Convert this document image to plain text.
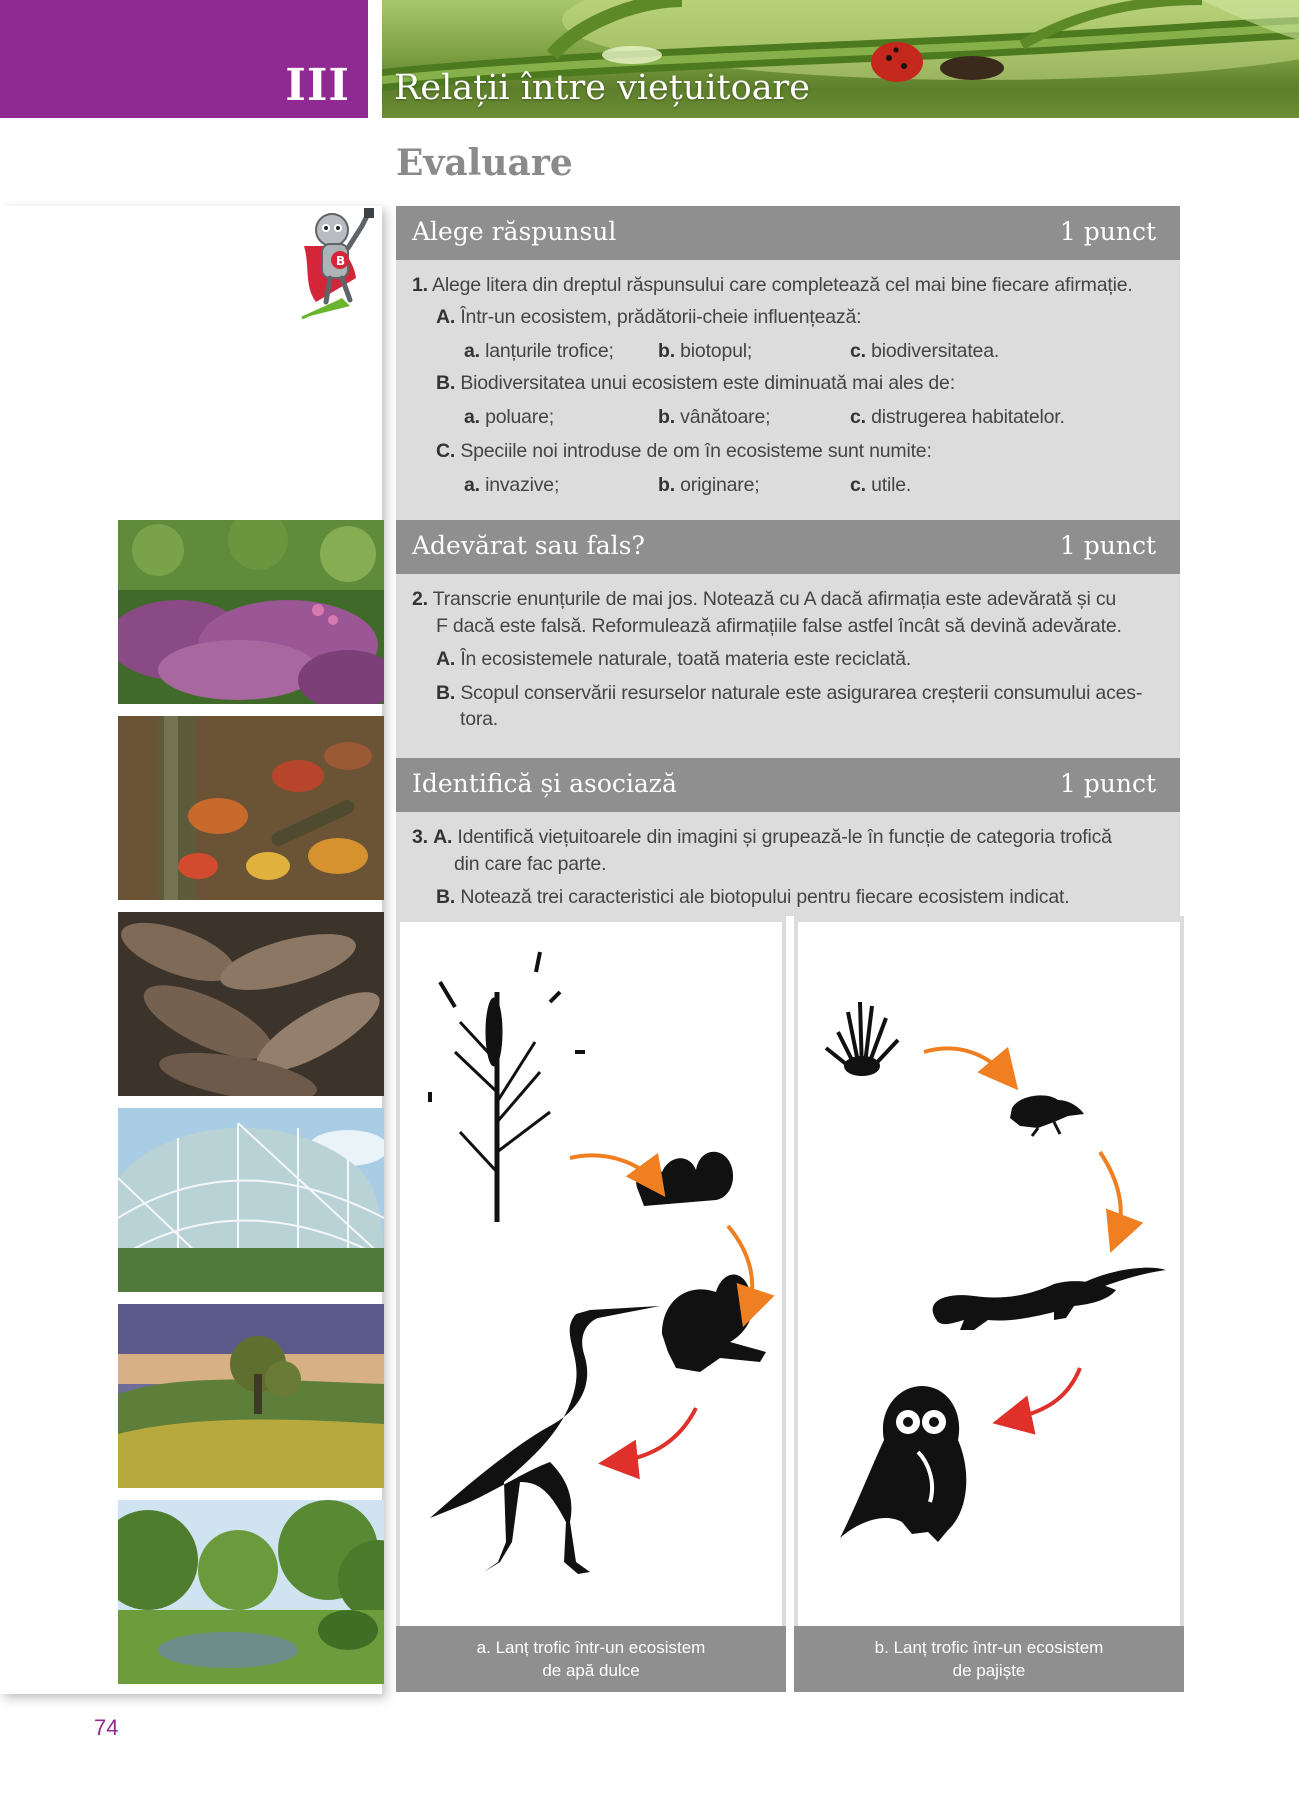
III Relații între viețuitoare
Evaluare
B
Alege răspunsul	1 punct
1. Alege litera din dreptul răspunsului care completează cel mai bine fiecare afirmație.
A. Într-un ecosistem, prădătorii-cheie influențează:
a. lanțurile trofice; b. biotopul;	c. biodiversitatea.
B. Biodiversitatea unui ecosistem este diminuată mai ales de:
a. poluare;	b. vânătoare;	c. distrugerea habitatelor.
C. Speciile noi introduse de om în ecosisteme sunt numite:
a. invazive;	b. originare;	c. utile.
Adevărat sau fals?	1 punct
2. Transcrie enunțurile de mai jos. Notează cu A dacă afirmația este adevărată și cu
F dacă este falsă. Reformulează afirmațiile false astfel încât să devină adevărate.
A. În ecosistemele naturale, toată materia este reciclată.
B. Scopul conservării resurselor naturale este asigurarea creșterii consumului aces-
tora.
Identifică și asociază	1 punct
3. A. Identifică viețuitoarele din imagini și grupează-le în funcție de categoria trofică
din care fac parte.
B. Notează trei caracteristici ale biotopului pentru fiecare ecosistem indicat.
a. Lanț trofic într-un ecosistem
de apă dulce
b. Lanț trofic într-un ecosistem
de pajiște
74
